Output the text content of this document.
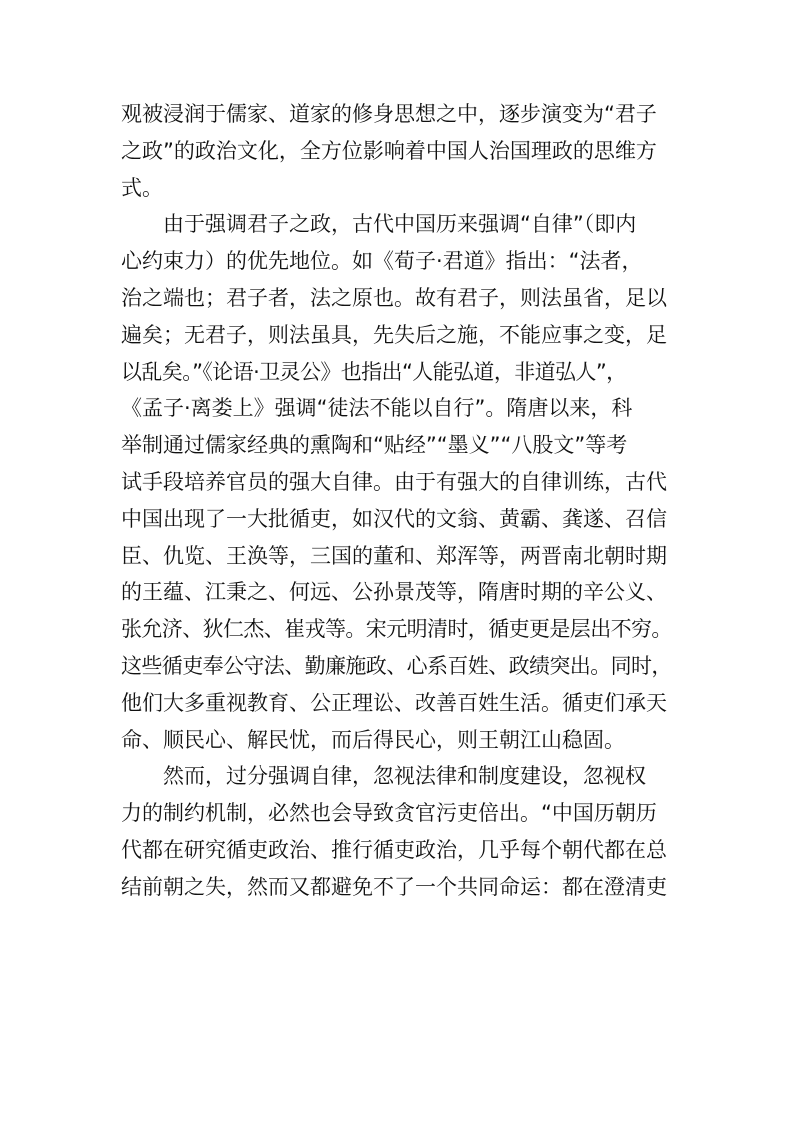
观被浸润于儒家、道家的修身思想之中，逐步演变为“君子
之政”的政治文化，全方位影响着中国人治国理政的思维方
式。
由于强调君子之政，古代中国历来强调“自律”（即内
心约束力）的优先地位。如《荀子·君道》指出：“法者，
治之端也；君子者，法之原也。故有君子，则法虽省，足以
遍矣；无君子，则法虽具，先失后之施，不能应事之变，足
以乱矣。”《论语·卫灵公》也指出“人能弘道，非道弘人”，
《孟子·离娄上》强调“徒法不能以自行”。隋唐以来，科
举制通过儒家经典的熏陶和“贴经”“墨义”“八股文”等考
试手段培养官员的强大自律。由于有强大的自律训练，古代
中国出现了一大批循吏，如汉代的文翁、黄霸、龚遂、召信
臣、仇览、王涣等，三国的董和、郑浑等，两晋南北朝时期
的王蕴、江秉之、何远、公孙景茂等，隋唐时期的辛公义、
张允济、狄仁杰、崔戎等。宋元明清时，循吏更是层出不穷。
这些循吏奉公守法、勤廉施政、心系百姓、政绩突出。同时，
他们大多重视教育、公正理讼、改善百姓生活。循吏们承天
命、顺民心、解民忧，而后得民心，则王朝江山稳固。
然而，过分强调自律，忽视法律和制度建设，忽视权
力的制约机制，必然也会导致贪官污吏倍出。“中国历朝历
代都在研究循吏政治、推行循吏政治，几乎每个朝代都在总
结前朝之失，然而又都避免不了一个共同命运：都在澄清吏
